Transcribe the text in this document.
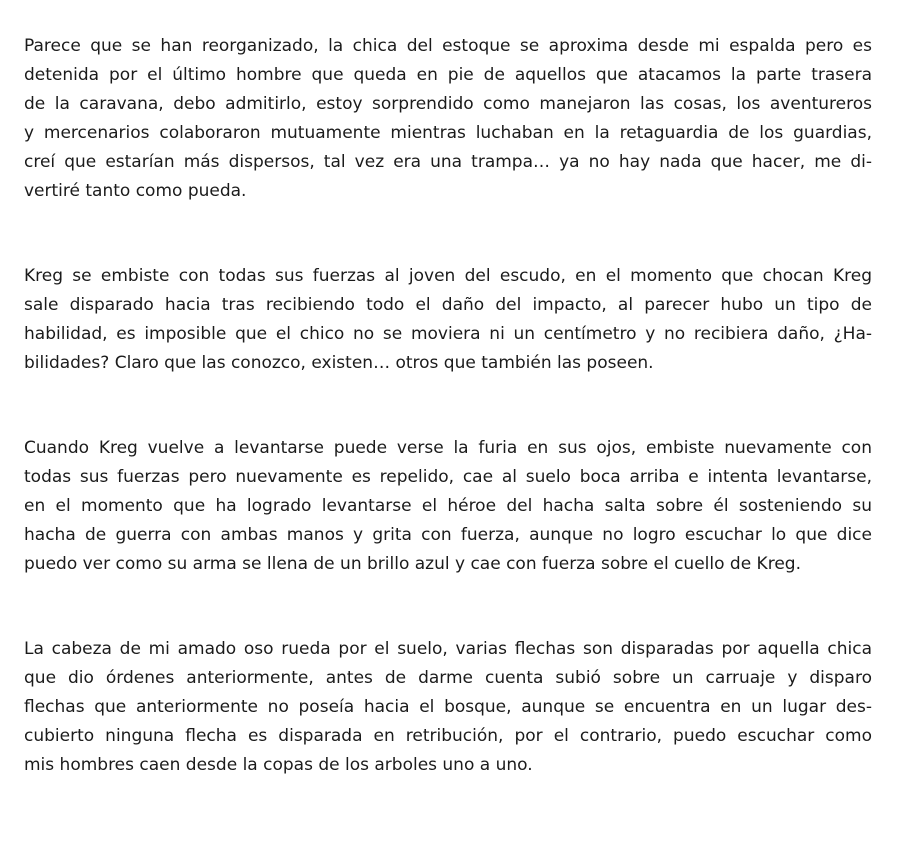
Parece que se han reorganizado, la chica del estoque se aproxima desde mi espalda pero es
detenida por el último hombre que queda en pie de aquellos que atacamos la parte trasera
de la caravana, debo admitirlo, estoy sorprendido como manejaron las cosas, los aventureros
y mercenarios colaboraron mutuamente mientras luchaban en la retaguardia de los guardias,
creí que estarían más dispersos, tal vez era una trampa… ya no hay nada que hacer, me di-
vertiré tanto como pueda.

Kreg se embiste con todas sus fuerzas al joven del escudo, en el momento que chocan Kreg
sale disparado hacia tras recibiendo todo el daño del impacto, al parecer hubo un tipo de
habilidad, es imposible que el chico no se moviera ni un centímetro y no recibiera daño, ¿Ha-
bilidades? Claro que las conozco, existen… otros que también las poseen.

Cuando Kreg vuelve a levantarse puede verse la furia en sus ojos, embiste nuevamente con
todas sus fuerzas pero nuevamente es repelido, cae al suelo boca arriba e intenta levantarse,
en el momento que ha logrado levantarse el héroe del hacha salta sobre él sosteniendo su
hacha de guerra con ambas manos y grita con fuerza, aunque no logro escuchar lo que dice
puedo ver como su arma se llena de un brillo azul y cae con fuerza sobre el cuello de Kreg.

La cabeza de mi amado oso rueda por el suelo, varias flechas son disparadas por aquella chica
que dio órdenes anteriormente, antes de darme cuenta subió sobre un carruaje y disparo
flechas que anteriormente no poseía hacia el bosque, aunque se encuentra en un lugar des-
cubierto ninguna flecha es disparada en retribución, por el contrario, puedo escuchar como
mis hombres caen desde la copas de los arboles uno a uno.
